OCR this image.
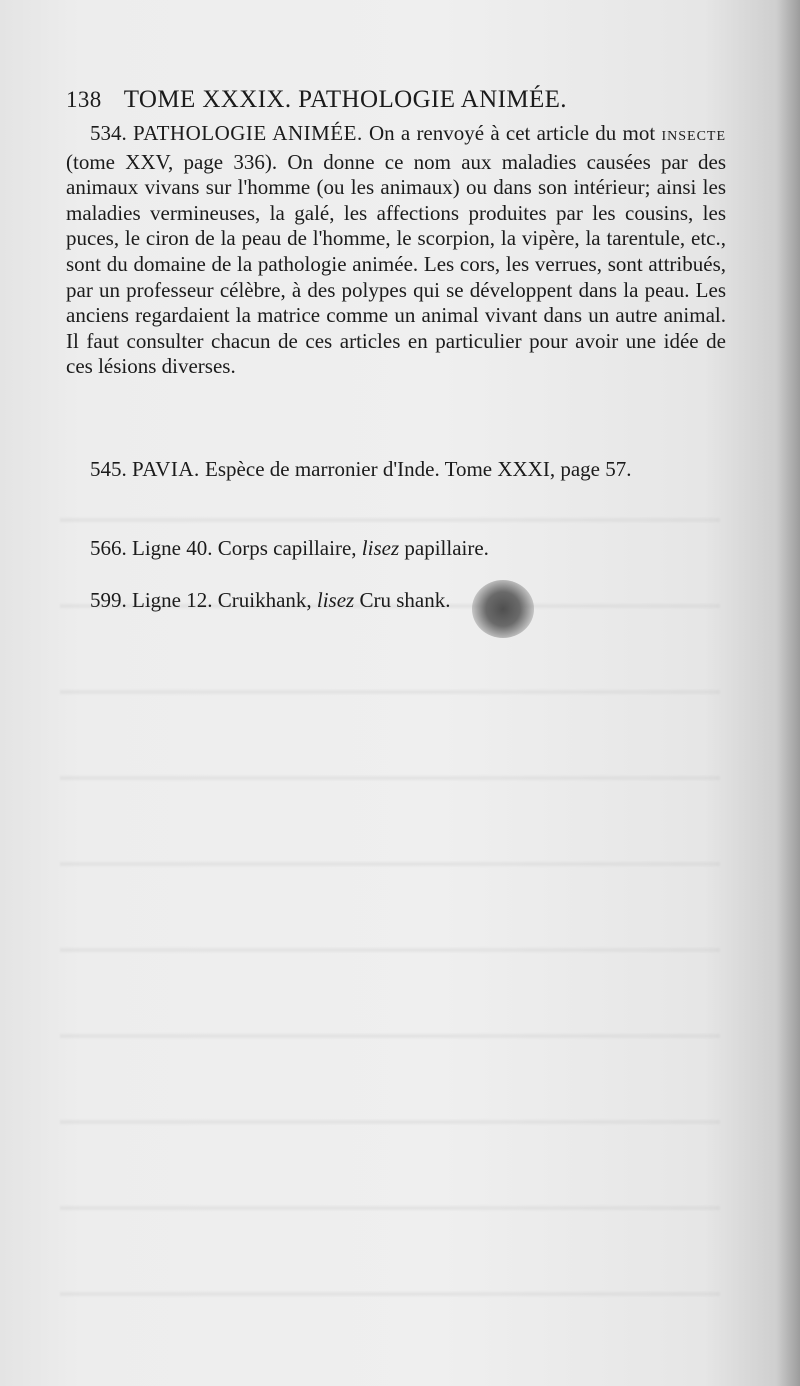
138 TOME XXXIX. PATHOLOGIE ANIMÉE.
534. PATHOLOGIE ANIMÉE. On a renvoyé à cet article du mot INSECTE (tome XXV, page 336). On donne ce nom aux maladies causées par des animaux vivans sur l'homme (ou les animaux) ou dans son intérieur; ainsi les maladies vermineuses, la galé, les affections produites par les cousins, les puces, le ciron de la peau de l'homme, le scorpion, la vipère, la tarentule, etc., sont du domaine de la pathologie animée. Les cors, les verrues, sont attribués, par un professeur célèbre, à des polypes qui se développent dans la peau. Les anciens regardaient la matrice comme un animal vivant dans un autre animal. Il faut consulter chacun de ces articles en particulier pour avoir une idée de ces lésions diverses.
545. PAVIA. Espèce de marronier d'Inde. Tome XXXI, page 57.
566. Ligne 40. Corps capillaire, lisez papillaire.
599. Ligne 12. Cruikhank, lisez Cru shank.
